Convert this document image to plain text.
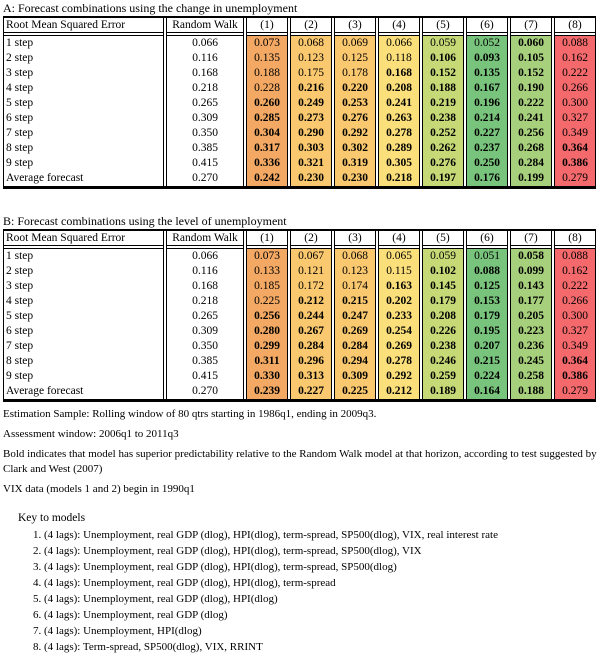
A: Forecast combinations using the change in unemployment
Root Mean Squared Error
1 step
2 step
3 step
4 step
5 step
6 step
7 step
8 step
9 step
Average forecast
Random Walk
0.066
0.116
0.168
0.218
0.265
0.309
0.350
0.385
0.415
0.270
(1)
0.073
0.135
0.188
0.228
0.260
0.285
0.304
0.317
0.336
0.242
(2)
0.068
0.123
0.175
0.216
0.249
0.273
0.290
0.303
0.321
0.230
(3)
0.069
0.125
0.178
0.220
0.253
0.276
0.292
0.302
0.319
0.230
(4)
0.066
0.118
0.168
0.208
0.241
0.263
0.278
0.289
0.305
0.218
(5)
0.059
0.106
0.152
0.188
0.219
0.238
0.252
0.262
0.276
0.197
(6)
0.052
0.093
0.135
0.167
0.196
0.214
0.227
0.237
0.250
0.176
(7)
0.060
0.105
0.152
0.190
0.222
0.241
0.256
0.268
0.284
0.199
(8)
0.088
0.162
0.222
0.266
0.300
0.327
0.349
0.364
0.386
0.279
B: Forecast combinations using the level of unemployment
Root Mean Squared Error
1 step
2 step
3 step
4 step
5 step
6 step
7 step
8 step
9 step
Average forecast
Random Walk
0.066
0.116
0.168
0.218
0.265
0.309
0.350
0.385
0.415
0.270
(1)
0.073
0.133
0.185
0.225
0.256
0.280
0.299
0.311
0.330
0.239
(2)
0.067
0.121
0.172
0.212
0.244
0.267
0.284
0.296
0.313
0.227
(3)
0.068
0.123
0.174
0.215
0.247
0.269
0.284
0.294
0.309
0.225
(4)
0.065
0.115
0.163
0.202
0.233
0.254
0.269
0.278
0.292
0.212
(5)
0.059
0.102
0.145
0.179
0.208
0.226
0.238
0.246
0.259
0.189
(6)
0.051
0.088
0.125
0.153
0.179
0.195
0.207
0.215
0.224
0.164
(7)
0.058
0.099
0.143
0.177
0.205
0.223
0.236
0.245
0.258
0.188
(8)
0.088
0.162
0.222
0.266
0.300
0.327
0.349
0.364
0.386
0.279
Estimation Sample: Rolling window of 80 qtrs starting in 1986q1, ending in 2009q3.
Assessment window: 2006q1 to 2011q3
Bold indicates that model has superior predictability relative to the Random Walk model at that horizon, according to test suggested by Clark and West (2007)
VIX data (models 1 and 2) begin in 1990q1
Key to models
1. (4 lags): Unemployment, real GDP (dlog), HPI(dlog), term-spread, SP500(dlog), VIX, real interest rate
2. (4 lags): Unemployment, real GDP (dlog), HPI(dlog), term-spread, SP500(dlog), VIX
3. (4 lags): Unemployment, real GDP (dlog), HPI(dlog), term-spread, SP500(dlog)
4. (4 lags): Unemployment, real GDP (dlog), HPI(dlog), term-spread
5. (4 lags): Unemployment, real GDP (dlog), HPI(dlog)
6. (4 lags): Unemployment, real GDP (dlog)
7. (4 lags): Unemployment, HPI(dlog)
8. (4 lags): Term-spread, SP500(dlog), VIX, RRINT
